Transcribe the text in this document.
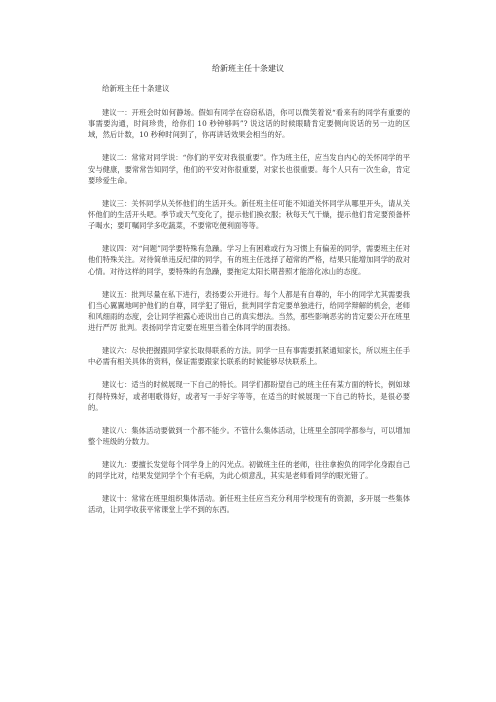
给新班主任十条建议

给新班主任十条建议

建议一：开班会时如何静场。假如有同学在窃窃私语，你可以微笑着说“看来有的同学有重要的事需要沟通，时间珍贵，给你们 10 秒钟够吗”? 说这话的时候眼睛肯定要侧向说话的另一边的区域，然后计数，10 秒种时间到了，你再讲话效果会相当的好。

建议二：常常对同学说：“你们的平安对我很重要”。作为班主任，应当发自内心的关怀同学的平安与健康，要常常告知同学，他们的平安对你很重要，对家长也很重要。每个人只有一次生命，肯定要珍爱生命。

建议三：关怀同学从关怀他们的生活开头。新任班主任可能不知道关怀同学从哪里开头，请从关怀他们的生活开头吧。季节或天气变化了，提示他们换衣服；秋每天气干燥，提示他们肯定要预备杯子喝水；要叮嘱同学多吃蔬菜，不要常吃便利面等等。

建议四：对“问题”同学要特殊有急躁。学习上有困难或行为习惯上有偏差的同学，需要班主任对他们特殊关注。对待简单违反纪律的同学，有的班主任选择了超常的严格，结果只能增加同学的敌对心情。对待这样的同学，要特殊的有急躁，要拖定太阳长期普照才能溶化冰山的态度。

建议五：批判尽量在私下进行，表扬要公开进行。每个人都是有自尊的，年小的同学尤其需要我们当心翼翼地呵护他们的自尊，同学犯了错后，批判同学肯定要单独进行，给同学辩解的机会，老师和风细雨的态度，会让同学袒露心迹说出自己的真实想法。当然，那些影响恶劣的肯定要公开在班里进行严厉 批判。表扬同学肯定要在班里当着全体同学的面表扬。

建议六：尽快把握跟同学家长取得联系的方法。同学一旦有事需要抓紧通知家长，所以班主任手中必需有相关具体的资料，保证需要跟家长联系的时候能够尽快联系上。

建议七：适当的时候展现一下自己的特长。同学们都盼望自己的班主任有某方面的特长，例如球打得特殊好，或者唱歌得好，或者写一手好字等等，在适当的时候展现一下自己的特长，是很必要的。

建议八：集体活动要做到一个都不能少。不管什么集体活动，让班里全部同学都参与，可以增加整个班级的分数力。

建议九：要擅长发觉每个同学身上的闪光点。初做班主任的老师，往往拿抱负的同学化身跟自己的同学比对，结果发觉同学个个有毛病，为此心烦意乱，其实是老师看同学的眼光错了。

建议十：常常在班里组织集体活动。新任班主任应当充分利用学校现有的资源，多开展一些集体活动，让同学收获平常课堂上学不到的东西。
